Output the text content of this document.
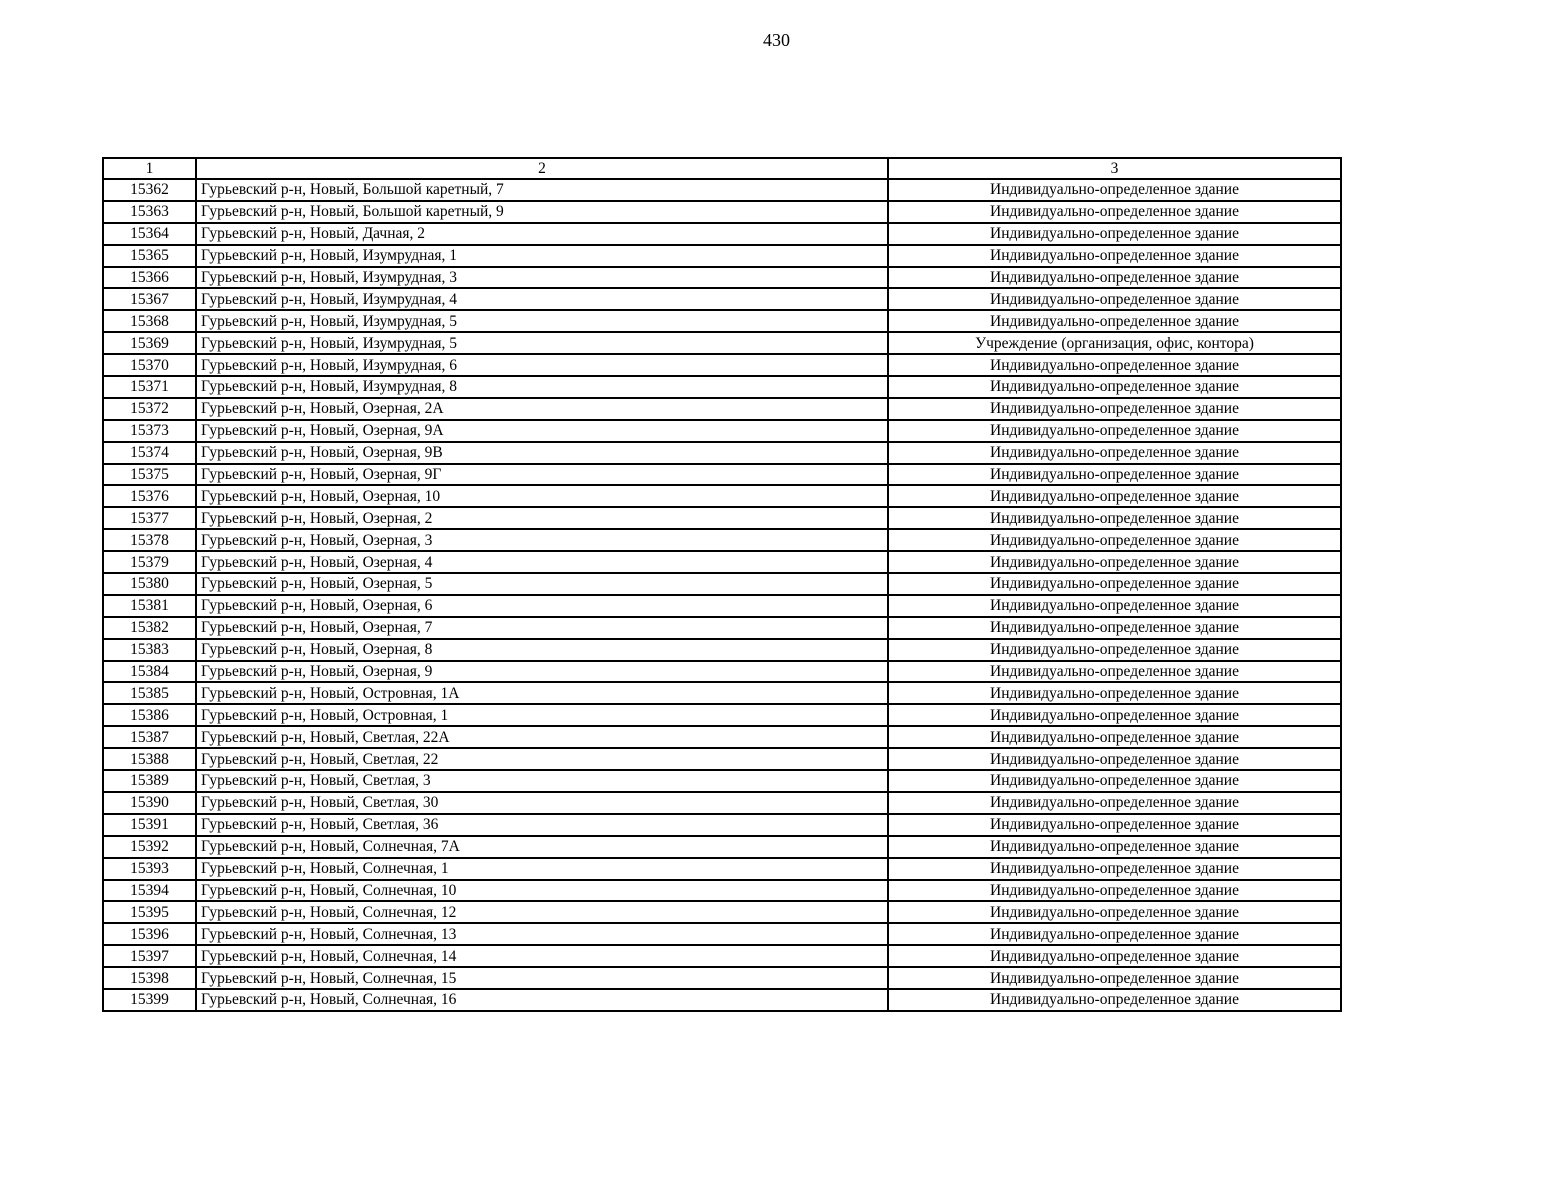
430
1	2	3
15362	Гурьевский р-н, Новый, Большой каретный, 7	Индивидуально-определенное здание
15363	Гурьевский р-н, Новый, Большой каретный, 9	Индивидуально-определенное здание
15364	Гурьевский р-н, Новый, Дачная, 2	Индивидуально-определенное здание
15365	Гурьевский р-н, Новый, Изумрудная, 1	Индивидуально-определенное здание
15366	Гурьевский р-н, Новый, Изумрудная, 3	Индивидуально-определенное здание
15367	Гурьевский р-н, Новый, Изумрудная, 4	Индивидуально-определенное здание
15368	Гурьевский р-н, Новый, Изумрудная, 5	Индивидуально-определенное здание
15369	Гурьевский р-н, Новый, Изумрудная, 5	Учреждение (организация, офис, контора)
15370	Гурьевский р-н, Новый, Изумрудная, 6	Индивидуально-определенное здание
15371	Гурьевский р-н, Новый, Изумрудная, 8	Индивидуально-определенное здание
15372	Гурьевский р-н, Новый, Озерная, 2А	Индивидуально-определенное здание
15373	Гурьевский р-н, Новый, Озерная, 9А	Индивидуально-определенное здание
15374	Гурьевский р-н, Новый, Озерная, 9В	Индивидуально-определенное здание
15375	Гурьевский р-н, Новый, Озерная, 9Г	Индивидуально-определенное здание
15376	Гурьевский р-н, Новый, Озерная, 10	Индивидуально-определенное здание
15377	Гурьевский р-н, Новый, Озерная, 2	Индивидуально-определенное здание
15378	Гурьевский р-н, Новый, Озерная, 3	Индивидуально-определенное здание
15379	Гурьевский р-н, Новый, Озерная, 4	Индивидуально-определенное здание
15380	Гурьевский р-н, Новый, Озерная, 5	Индивидуально-определенное здание
15381	Гурьевский р-н, Новый, Озерная, 6	Индивидуально-определенное здание
15382	Гурьевский р-н, Новый, Озерная, 7	Индивидуально-определенное здание
15383	Гурьевский р-н, Новый, Озерная, 8	Индивидуально-определенное здание
15384	Гурьевский р-н, Новый, Озерная, 9	Индивидуально-определенное здание
15385	Гурьевский р-н, Новый, Островная, 1А	Индивидуально-определенное здание
15386	Гурьевский р-н, Новый, Островная, 1	Индивидуально-определенное здание
15387	Гурьевский р-н, Новый, Светлая, 22А	Индивидуально-определенное здание
15388	Гурьевский р-н, Новый, Светлая, 22	Индивидуально-определенное здание
15389	Гурьевский р-н, Новый, Светлая, 3	Индивидуально-определенное здание
15390	Гурьевский р-н, Новый, Светлая, 30	Индивидуально-определенное здание
15391	Гурьевский р-н, Новый, Светлая, 36	Индивидуально-определенное здание
15392	Гурьевский р-н, Новый, Солнечная, 7А	Индивидуально-определенное здание
15393	Гурьевский р-н, Новый, Солнечная, 1	Индивидуально-определенное здание
15394	Гурьевский р-н, Новый, Солнечная, 10	Индивидуально-определенное здание
15395	Гурьевский р-н, Новый, Солнечная, 12	Индивидуально-определенное здание
15396	Гурьевский р-н, Новый, Солнечная, 13	Индивидуально-определенное здание
15397	Гурьевский р-н, Новый, Солнечная, 14	Индивидуально-определенное здание
15398	Гурьевский р-н, Новый, Солнечная, 15	Индивидуально-определенное здание
15399	Гурьевский р-н, Новый, Солнечная, 16	Индивидуально-определенное здание
